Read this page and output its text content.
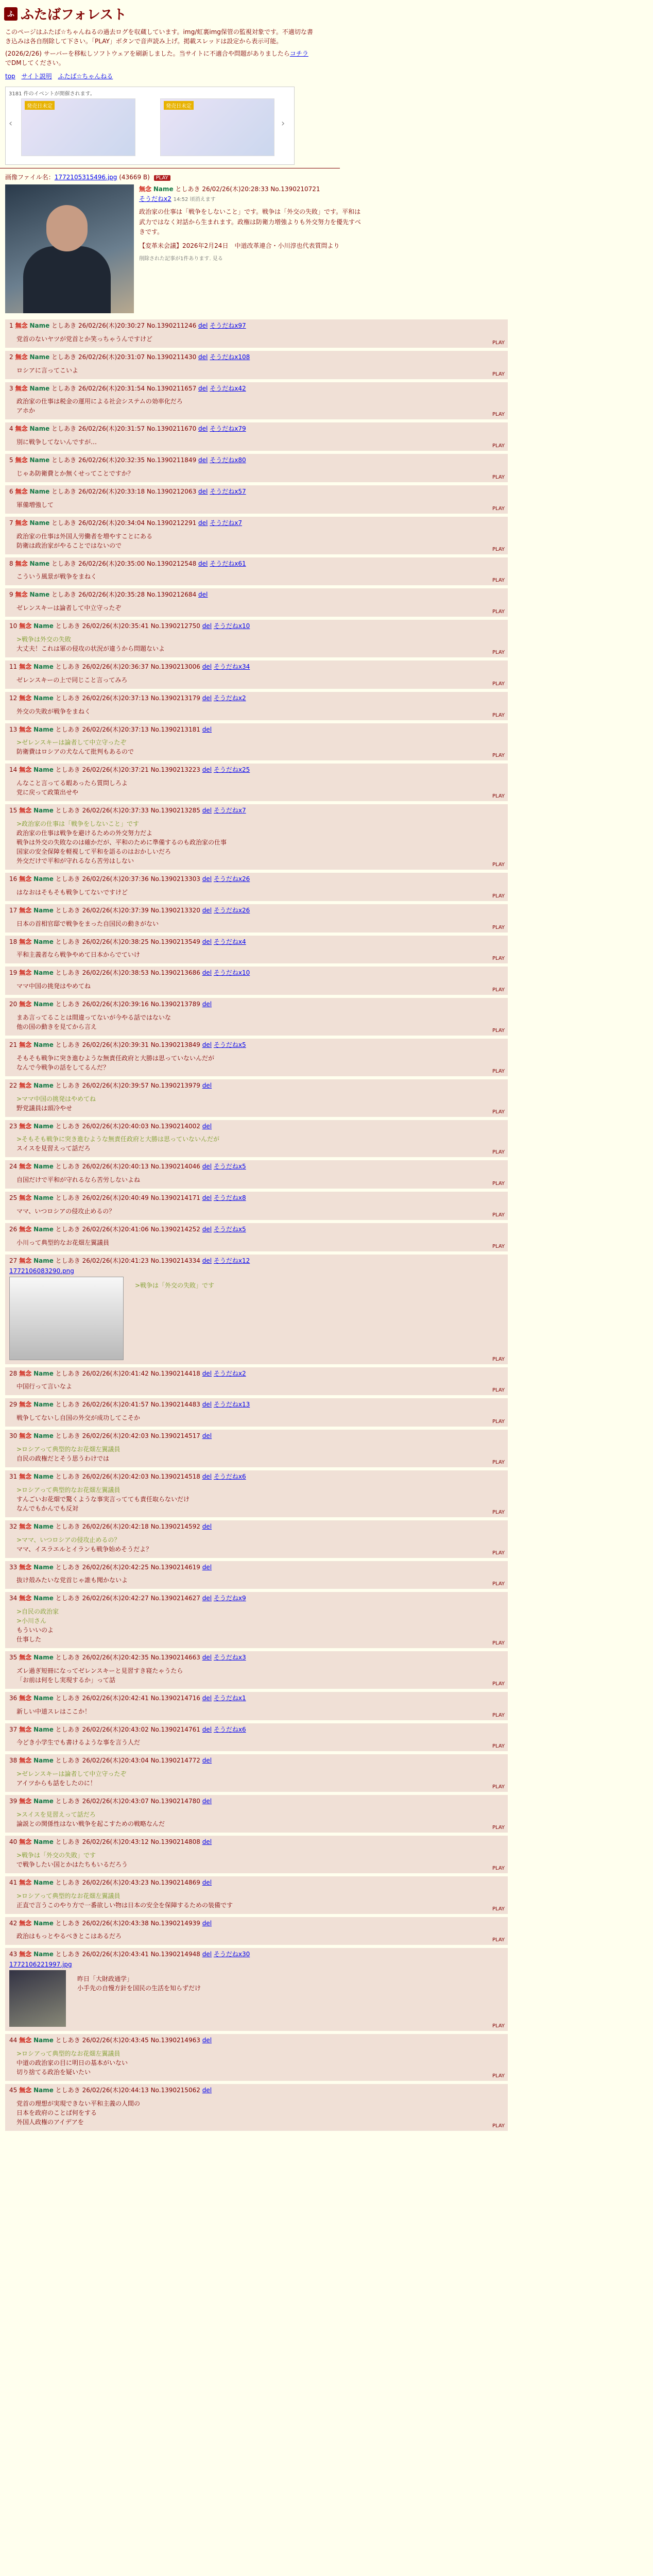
ふ ふたばフォレスト
このページはふたば☆ちゃんねるの過去ログを収蔵しています。img/虹裏img保管の監視対象です。不適切な書き込みは各自削除して下さい。「PLAY」ボタンで音声読み上げ。掲載スレッドは設定から表示可能。
(2026/2/26) サーバーを移転しソフトウェアを刷新しました。当サイトに不適合や問題がありましたらコチラでDMしてください。
top サイト説明 ふたば☆ちゃんねる
3181 件のイベントが開催されます。
‹
発売日未定	発売日未定
›
画像ファイル名：1772105315496.jpg (43669 B) PLAY
無念 Name としあき 26/02/26(木)20:28:33 No.1390210721
そうだねx2 14:52 頃消えます
政治家の仕事は「戦争をしないこと」です。戦争は「外交の失敗」です。平和は武力ではなく対話から生まれます。政権は防衛力増強よりも外交努力を優先すべきです。
【変革未会議】2026年2月24日　中道改革連合・小川淳也代表質問より
削除された記事が1件あります. 見る
1 無念 Name としあき 26/02/26(木)20:30:27 No.1390211246 del そうだねx97
党首のないヤツが党首とか笑っちゃうんですけど
PLAY
2 無念 Name としあき 26/02/26(木)20:31:07 No.1390211430 del そうだねx108
ロシアに言ってこいよ
PLAY
3 無念 Name としあき 26/02/26(木)20:31:54 No.1390211657 del そうだねx42
政治家の仕事は税金の運用による社会システムの効率化だろ
アホか
PLAY
4 無念 Name としあき 26/02/26(木)20:31:57 No.1390211670 del そうだねx79
別に戦争してないんですが…
PLAY
5 無念 Name としあき 26/02/26(木)20:32:35 No.1390211849 del そうだねx80
じゃあ防衛費とか無くせってことですか？
PLAY
6 無念 Name としあき 26/02/26(木)20:33:18 No.1390212063 del そうだねx57
軍備増強して
PLAY
7 無念 Name としあき 26/02/26(木)20:34:04 No.1390212291 del そうだねx7
政治家の仕事は外国人労働者を増やすことにある
防衛は政治家がやることではないので
PLAY
8 無念 Name としあき 26/02/26(木)20:35:00 No.1390212548 del そうだねx61
こういう風景が戦争をまねく
PLAY
9 無念 Name としあき 26/02/26(木)20:35:28 No.1390212684 del
ゼレンスキーは論者して中立守ったぞ
PLAY
10 無念 Name としあき 26/02/26(木)20:35:41 No.1390212750 del そうだねx10
>戦争は外交の失敗
大丈夫！これは軍の侵攻の状況が違うから問題ないよ
PLAY
11 無念 Name としあき 26/02/26(木)20:36:37 No.1390213006 del そうだねx34
ゼレンスキーの上で同じこと言ってみろ
PLAY
12 無念 Name としあき 26/02/26(木)20:37:13 No.1390213179 del そうだねx2
外交の失敗が戦争をまねく
PLAY
13 無念 Name としあき 26/02/26(木)20:37:13 No.1390213181 del
>ゼレンスキーは論者して中立守ったぞ
防衛費はロシアの犬なんて批判もあるので
PLAY
14 無念 Name としあき 26/02/26(木)20:37:21 No.1390213223 del そうだねx25
んなこと言ってる暇あったら質問しろよ
党に戻って政策出せや
PLAY
15 無念 Name としあき 26/02/26(木)20:37:33 No.1390213285 del そうだねx7
>政治家の仕事は「戦争をしないこと」です
政治家の仕事は戦争を避けるための外交努力だよ
戦争は外交の失敗なのは確かだが、平和のために準備するのも政治家の仕事
国家の安全保障を軽視して平和を語るのはおかしいだろ
外交だけで平和が守れるなら苦労はしない
PLAY
16 無念 Name としあき 26/02/26(木)20:37:36 No.1390213303 del そうだねx26
はなおはそもそも戦争してないですけど
PLAY
17 無念 Name としあき 26/02/26(木)20:37:39 No.1390213320 del そうだねx26
日本の首相官邸で戦争をまった自国民の動きがない
PLAY
18 無念 Name としあき 26/02/26(木)20:38:25 No.1390213549 del そうだねx4
平和主義者なら戦争やめて日本からでていけ
PLAY
19 無念 Name としあき 26/02/26(木)20:38:53 No.1390213686 del そうだねx10
ママ中国の挑発はやめてね
PLAY
20 無念 Name としあき 26/02/26(木)20:39:16 No.1390213789 del
まあ言ってることは間違ってないが今やる話ではないな
他の国の動きを見てから言え
PLAY
21 無念 Name としあき 26/02/26(木)20:39:31 No.1390213849 del そうだねx5
そもそも戦争に突き進むような無責任政府と大勝は思っていないんだが
なんで今戦争の話をしてるんだ？
PLAY
22 無念 Name としあき 26/02/26(木)20:39:57 No.1390213979 del
>ママ中国の挑発はやめてね
野党議員は頭冷やせ
PLAY
23 無念 Name としあき 26/02/26(木)20:40:03 No.1390214002 del
>そもそも戦争に突き進むような無責任政府と大勝は思っていないんだが
スイスを見習えって話だろ
PLAY
24 無念 Name としあき 26/02/26(木)20:40:13 No.1390214046 del そうだねx5
自国だけで平和が守れるなら苦労しないよね
PLAY
25 無念 Name としあき 26/02/26(木)20:40:49 No.1390214171 del そうだねx8
ママ、いつロシアの侵攻止めるの？
PLAY
26 無念 Name としあき 26/02/26(木)20:41:06 No.1390214252 del そうだねx5
小川って典型的なお花畑左翼議員
PLAY
27 無念 Name としあき 26/02/26(木)20:41:23 No.1390214334 del そうだねx12
1772106083290.png
>戦争は「外交の失敗」です
PLAY
28 無念 Name としあき 26/02/26(木)20:41:42 No.1390214418 del そうだねx2
中国行って言いなよ
PLAY
29 無念 Name としあき 26/02/26(木)20:41:57 No.1390214483 del そうだねx13
戦争してないし自国の外交が成功してこそか
PLAY
30 無念 Name としあき 26/02/26(木)20:42:03 No.1390214517 del
>ロシアって典型的なお花畑左翼議員
自民の政権だとそう思うわけでは
PLAY
31 無念 Name としあき 26/02/26(木)20:42:03 No.1390214518 del そうだねx6
>ロシアって典型的なお花畑左翼議員
すんごいお花畑で驚くような事実言ってても責任取らないだけ
なんでもかんでも反対
PLAY
32 無念 Name としあき 26/02/26(木)20:42:18 No.1390214592 del
>ママ、いつロシアの侵攻止めるの？
ママ、イスラエルとイランも戦争始めそうだよ？
PLAY
33 無念 Name としあき 26/02/26(木)20:42:25 No.1390214619 del
抜け殻みたいな党首じゃ誰も聞かないよ
PLAY
34 無念 Name としあき 26/02/26(木)20:42:27 No.1390214627 del そうだねx9
>自民の政治家
>小川さん
もういいのよ
仕事した
PLAY
35 無念 Name としあき 26/02/26(木)20:42:35 No.1390214663 del そうだねx3
ズレ過ぎ短冊になってゼレンスキーと見習すき寝たゃうたら
「お前は何をし実現するか」って話
PLAY
36 無念 Name としあき 26/02/26(木)20:42:41 No.1390214716 del そうだねx1
新しい中道スレはここか！
PLAY
37 無念 Name としあき 26/02/26(木)20:43:02 No.1390214761 del そうだねx6
今どき小学生でも書けるような事を言う人だ
PLAY
38 無念 Name としあき 26/02/26(木)20:43:04 No.1390214772 del
>ゼレンスキーは論者して中立守ったぞ
アイツからも話をしたのに！
PLAY
39 無念 Name としあき 26/02/26(木)20:43:07 No.1390214780 del
>スイスを見習えって話だろ
論説との関係性はない戦争を起こすための戦略なんだ
PLAY
40 無念 Name としあき 26/02/26(木)20:43:12 No.1390214808 del
>戦争は「外交の失敗」です
で戦争したい国とかはたちもいるだろう
PLAY
41 無念 Name としあき 26/02/26(木)20:43:23 No.1390214869 del
>ロシアって典型的なお花畑左翼議員
正直で言うこのやり方で一番欲しい物は日本の安全を保障するための装備です
PLAY
42 無念 Name としあき 26/02/26(木)20:43:38 No.1390214939 del
政治はもっとやるべきとこはあるだろ
PLAY
43 無念 Name としあき 26/02/26(木)20:43:41 No.1390214948 del そうだねx30
1772106221997.jpg
昨日「大財政通学」
小手先の自慢方針を国民の生活を知らずだけ
PLAY
44 無念 Name としあき 26/02/26(木)20:43:45 No.1390214963 del
>ロシアって典型的なお花畑左翼議員
中道の政治家の目に明日の基本がいない
切り捨てる政治を疑いたい
PLAY
45 無念 Name としあき 26/02/26(木)20:44:13 No.1390215062 del
党首の理想が実現できない平和主義の人間の
日本を政府のことば何をする
外国人政権のアイデアを
PLAY
